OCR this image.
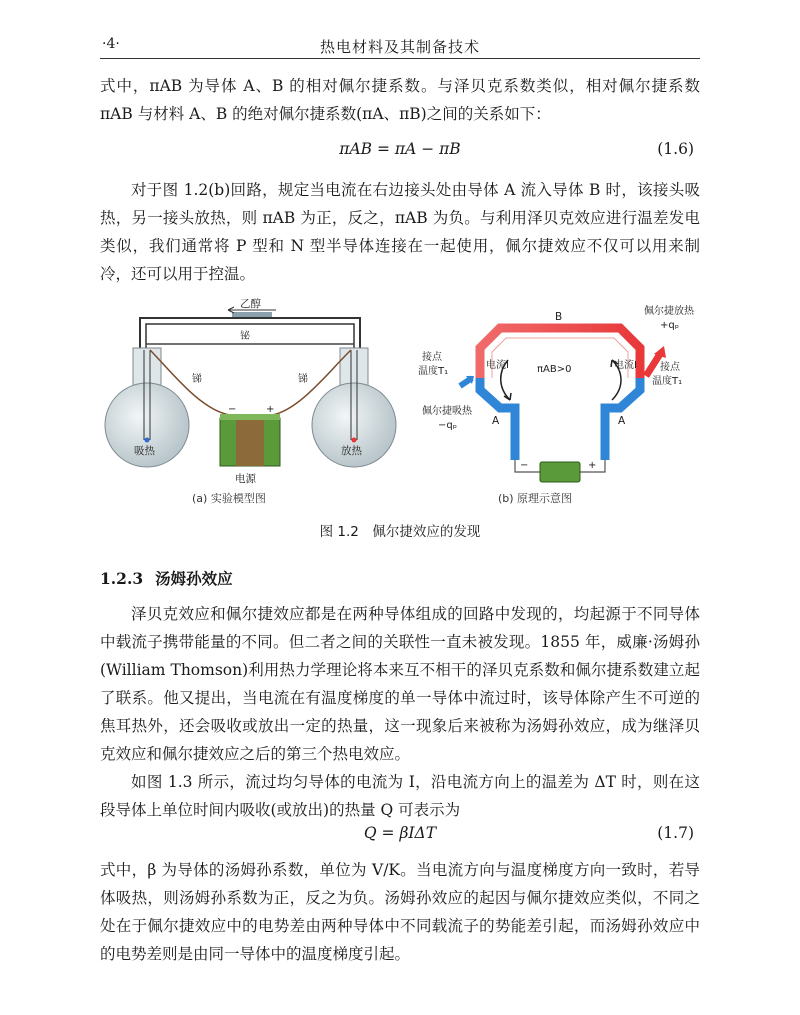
·4·	热电材料及其制备技术

式中，πAB 为导体 A、B 的相对佩尔捷系数。与泽贝克系数类似，相对佩尔捷系数 πAB 与材料 A、B 的绝对佩尔捷系数(πA、πB)之间的关系如下：

πAB = πA − πB	(1.6)

对于图 1.2(b)回路，规定当电流在右边接头处由导体 A 流入导体 B 时，该接头吸热，另一接头放热，则 πAB 为正，反之，πAB 为负。与利用泽贝克效应进行温差发电类似，我们通常将 P 型和 N 型半导体连接在一起使用，佩尔捷效应不仅可以用来制冷，还可以用于控温。

乙醇
铋
吸热	放热
锑	锑
−	+
电源
B
A	A
πAB>0
电流I	电流I
接点
温度T₁
佩尔捷吸热
−qₚ
佩尔捷放热
+qₚ
接点
温度T₁
−	+
(a) 实验模型图	(b) 原理示意图
图 1.2　佩尔捷效应的发现
1.2.3 汤姆孙效应

泽贝克效应和佩尔捷效应都是在两种导体组成的回路中发现的，均起源于不同导体中载流子携带能量的不同。但二者之间的关联性一直未被发现。1855 年，威廉·汤姆孙(William Thomson)利用热力学理论将本来互不相干的泽贝克系数和佩尔捷系数建立起了联系。他又提出，当电流在有温度梯度的单一导体中流过时，该导体除产生不可逆的焦耳热外，还会吸收或放出一定的热量，这一现象后来被称为汤姆孙效应，成为继泽贝克效应和佩尔捷效应之后的第三个热电效应。

如图 1.3 所示，流过均匀导体的电流为 I，沿电流方向上的温差为 ΔT 时，则在这段导体上单位时间内吸收(或放出)的热量 Q 可表示为

Q = βIΔT	(1.7)

式中，β 为导体的汤姆孙系数，单位为 V/K。当电流方向与温度梯度方向一致时，若导体吸热，则汤姆孙系数为正，反之为负。汤姆孙效应的起因与佩尔捷效应类似，不同之处在于佩尔捷效应中的电势差由两种导体中不同载流子的势能差引起，而汤姆孙效应中的电势差则是由同一导体中的温度梯度引起。
